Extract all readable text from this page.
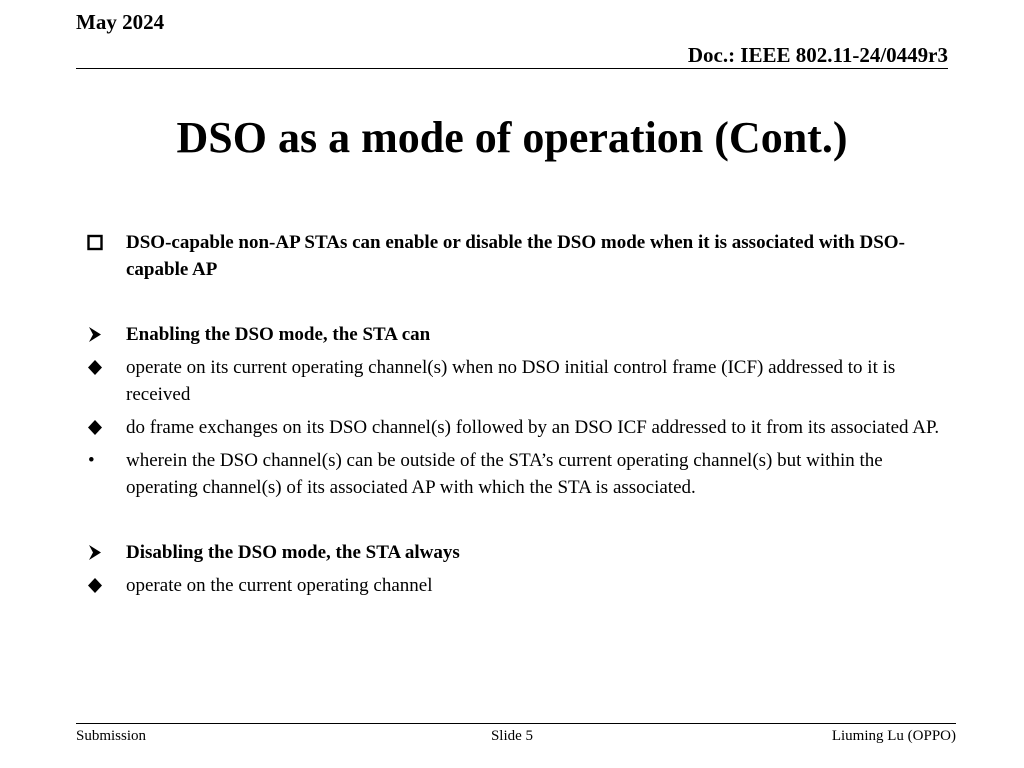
May 2024
Doc.: IEEE 802.11-24/0449r3
DSO as a mode of operation (Cont.)
DSO-capable non-AP STAs can enable or disable the DSO mode when it is associated with DSO-capable AP
Enabling the DSO mode, the STA can
operate on its current operating channel(s) when no DSO initial control frame (ICF) addressed to it is received
do frame exchanges on its DSO channel(s) followed by an DSO ICF addressed to it from its associated AP.
• wherein the DSO channel(s) can be outside of the STA’s current operating channel(s) but within the operating channel(s) of its associated AP with which the STA is associated.
Disabling the DSO mode, the STA always
operate on the current operating channel
Submission	Slide 5	Liuming Lu (OPPO)
